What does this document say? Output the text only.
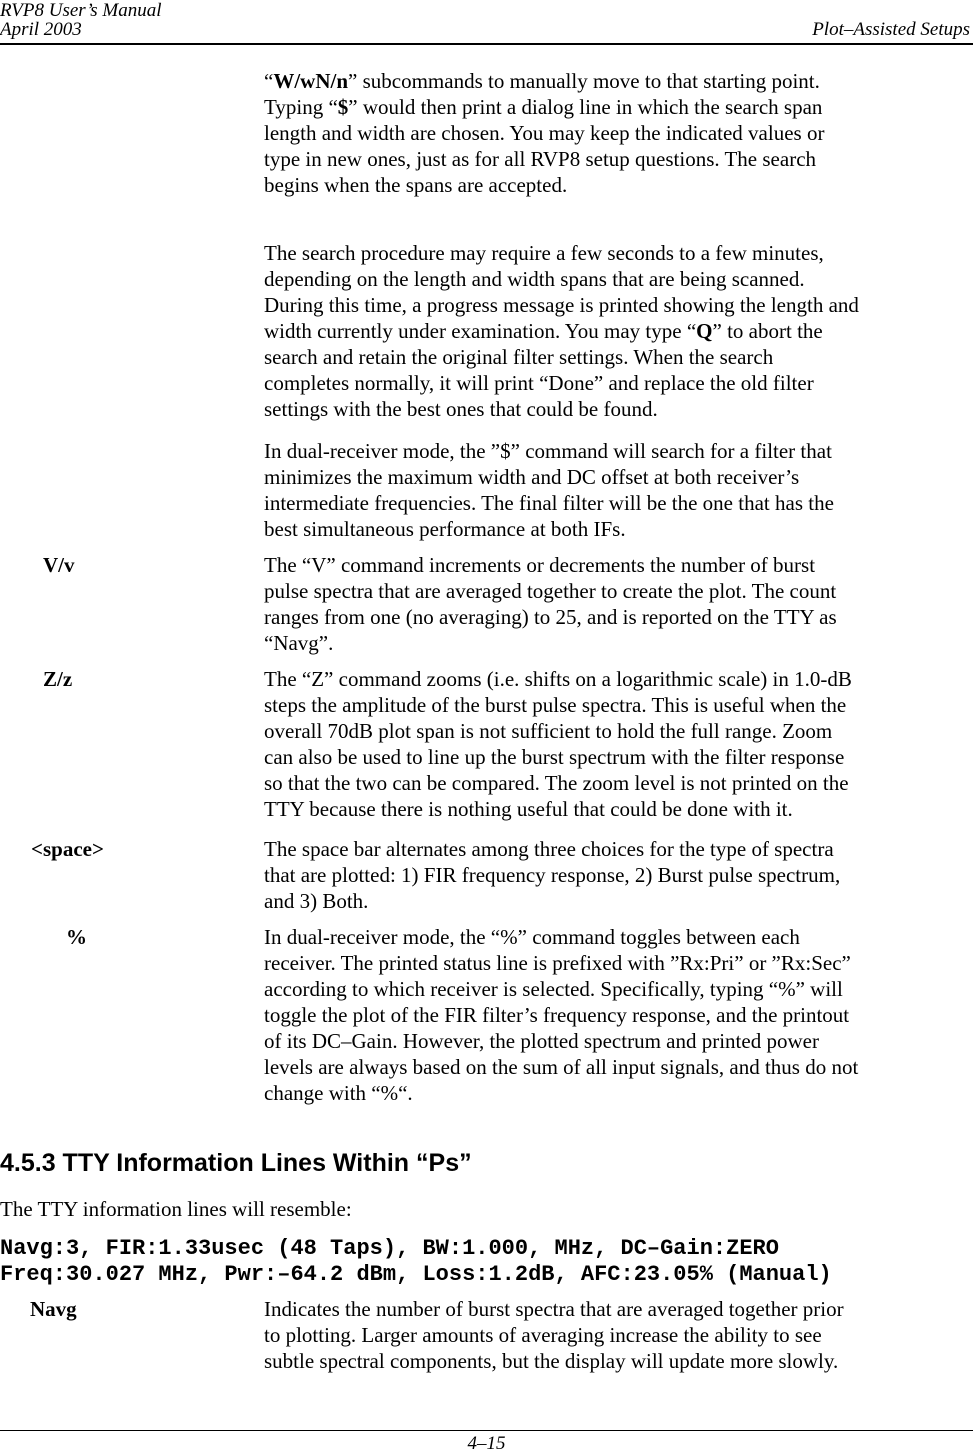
RVP8 User’s Manual
April 2003	Plot–Assisted Setups
“W/wN/n” subcommands to manually move to that starting point.
Typing “$” would then print a dialog line in which the search span
length and width are chosen. You may keep the indicated values or
type in new ones, just as for all RVP8 setup questions. The search
begins when the spans are accepted.
The search procedure may require a few seconds to a few minutes,
depending on the length and width spans that are being scanned.
During this time, a progress message is printed showing the length and
width currently under examination. You may type “Q” to abort the
search and retain the original filter settings. When the search
completes normally, it will print “Done” and replace the old filter
settings with the best ones that could be found.
In dual-receiver mode, the ”$” command will search for a filter that
minimizes the maximum width and DC offset at both receiver’s
intermediate frequencies. The final filter will be the one that has the
best simultaneous performance at both IFs.
V/v	The “V” command increments or decrements the number of burst
pulse spectra that are averaged together to create the plot. The count
ranges from one (no averaging) to 25, and is reported on the TTY as
“Navg”.
Z/z	The “Z” command zooms (i.e. shifts on a logarithmic scale) in 1.0-dB
steps the amplitude of the burst pulse spectra. This is useful when the
overall 70dB plot span is not sufficient to hold the full range. Zoom
can also be used to line up the burst spectrum with the filter response
so that the two can be compared. The zoom level is not printed on the
TTY because there is nothing useful that could be done with it.
<space>	The space bar alternates among three choices for the type of spectra
that are plotted: 1) FIR frequency response, 2) Burst pulse spectrum,
and 3) Both.
%	In dual-receiver mode, the “%” command toggles between each
receiver. The printed status line is prefixed with ”Rx:Pri” or ”Rx:Sec”
according to which receiver is selected. Specifically, typing “%” will
toggle the plot of the FIR filter’s frequency response, and the printout
of its DC–Gain. However, the plotted spectrum and printed power
levels are always based on the sum of all input signals, and thus do not
change with “%“.
4.5.3 TTY Information Lines Within “Ps”
The TTY information lines will resemble:
Navg:3, FIR:1.33usec (48 Taps), BW:1.000, MHz, DC–Gain:ZERO
Freq:30.027 MHz, Pwr:–64.2 dBm, Loss:1.2dB, AFC:23.05% (Manual)
Navg	Indicates the number of burst spectra that are averaged together prior
to plotting. Larger amounts of averaging increase the ability to see
subtle spectral components, but the display will update more slowly.
4–15
